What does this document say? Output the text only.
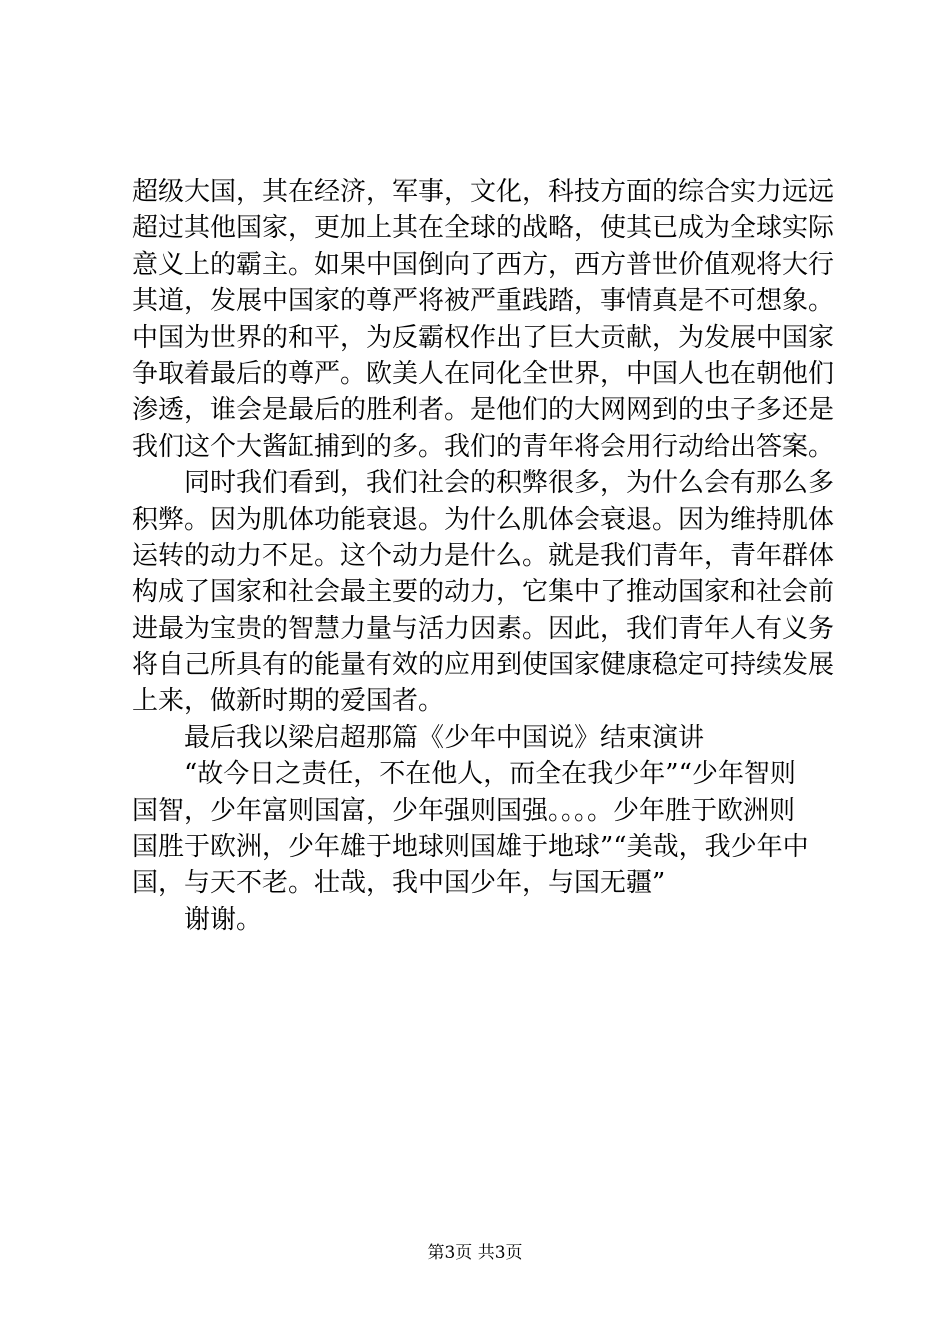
超级大国，其在经济，军事，文化，科技方面的综合实力远远
超过其他国家，更加上其在全球的战略，使其已成为全球实际
意义上的霸主。如果中国倒向了西方，西方普世价值观将大行
其道，发展中国家的尊严将被严重践踏，事情真是不可想象。
中国为世界的和平，为反霸权作出了巨大贡献，为发展中国家
争取着最后的尊严。欧美人在同化全世界，中国人也在朝他们
渗透，谁会是最后的胜利者。是他们的大网网到的虫子多还是
我们这个大酱缸捕到的多。我们的青年将会用行动给出答案。
同时我们看到，我们社会的积弊很多，为什么会有那么多
积弊。因为肌体功能衰退。为什么肌体会衰退。因为维持肌体
运转的动力不足。这个动力是什么。就是我们青年，青年群体
构成了国家和社会最主要的动力，它集中了推动国家和社会前
进最为宝贵的智慧力量与活力因素。因此，我们青年人有义务
将自己所具有的能量有效的应用到使国家健康稳定可持续发展
上来，做新时期的爱国者。
最后我以梁启超那篇《少年中国说》结束演讲
“故今日之责任，不在他人，而全在我少年”“少年智则
国智，少年富则国富，少年强则国强。。。。少年胜于欧洲则
国胜于欧洲，少年雄于地球则国雄于地球”“美哉，我少年中
国，与天不老。壮哉，我中国少年，与国无疆”
谢谢。
第3页 共3页
